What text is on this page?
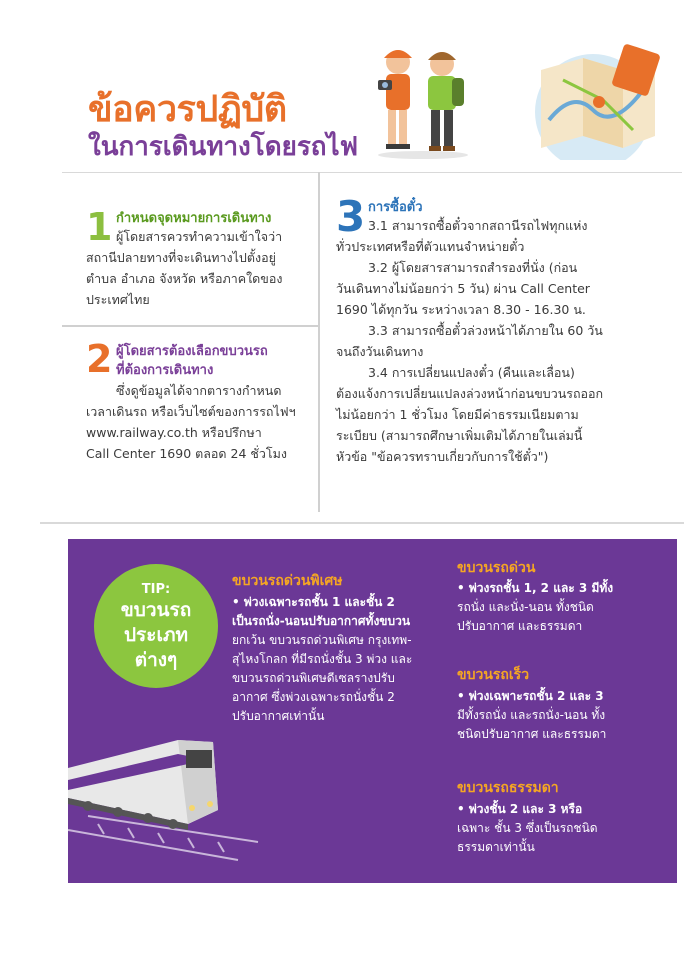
ข้อควรปฏิบัติ
ในการเดินทางโดยรถไฟ
1 กำหนดจุดหมายการเดินทาง

ผู้โดยสารควรทำความเข้าใจว่า

สถานีปลายทางที่จะเดินทางไปตั้งอยู่

ตำบล อำเภอ จังหวัด หรือภาคใดของ

ประเทศไทย

2 ผู้โดยสารต้องเลือกขบวนรถ
ที่ต้องการเดินทาง

ซึ่งดูข้อมูลได้จากตารางกำหนด

เวลาเดินรถ หรือเว็บไซต์ของการรถไฟฯ

www.railway.co.th หรือปรึกษา

Call Center 1690 ตลอด 24 ชั่วโมง

3 การซื้อตั๋ว

3.1 สามารถซื้อตั๋วจากสถานีรถไฟทุกแห่ง

ทั่วประเทศหรือที่ตัวแทนจำหน่ายตั๋ว

3.2 ผู้โดยสารสามารถสำรองที่นั่ง (ก่อน

วันเดินทางไม่น้อยกว่า 5 วัน) ผ่าน Call Center

1690 ได้ทุกวัน ระหว่างเวลา 8.30 - 16.30 น.

3.3 สามารถซื้อตั๋วล่วงหน้าได้ภายใน 60 วัน

จนถึงวันเดินทาง

3.4 การเปลี่ยนแปลงตั๋ว (คืนและเลื่อน)

ต้องแจ้งการเปลี่ยนแปลงล่วงหน้าก่อนขบวนรถออก

ไม่น้อยกว่า 1 ชั่วโมง โดยมีค่าธรรมเนียมตาม

ระเบียบ (สามารถศึกษาเพิ่มเติมได้ภายในเล่มนี้

หัวข้อ "ข้อควรทราบเกี่ยวกับการใช้ตั๋ว")

TIP:
ขบวนรถ
ประเภท
ต่างๆ
ขบวนรถด่วนพิเศษ

• พ่วงเฉพาะรถชั้น 1 และชั้น 2

เป็นรถนั่ง-นอนปรับอากาศทั้งขบวน

ยกเว้น ขบวนรถด่วนพิเศษ กรุงเทพ-

สุไหงโกลก ที่มีรถนั่งชั้น 3 พ่วง และ

ขบวนรถด่วนพิเศษดีเซลรางปรับ

อากาศ ซึ่งพ่วงเฉพาะรถนั่งชั้น 2

ปรับอากาศเท่านั้น

ขบวนรถด่วน

• พ่วงรถชั้น 1, 2 และ 3 มีทั้ง

รถนั่ง และนั่ง-นอน ทั้งชนิด

ปรับอากาศ และธรรมดา

ขบวนรถเร็ว

• พ่วงเฉพาะรถชั้น 2 และ 3

มีทั้งรถนั่ง และรถนั่ง-นอน ทั้ง

ชนิดปรับอากาศ และธรรมดา

ขบวนรถธรรมดา

• พ่วงชั้น 2 และ 3 หรือ

เฉพาะ ชั้น 3 ซึ่งเป็นรถชนิด

ธรรมดาเท่านั้น
